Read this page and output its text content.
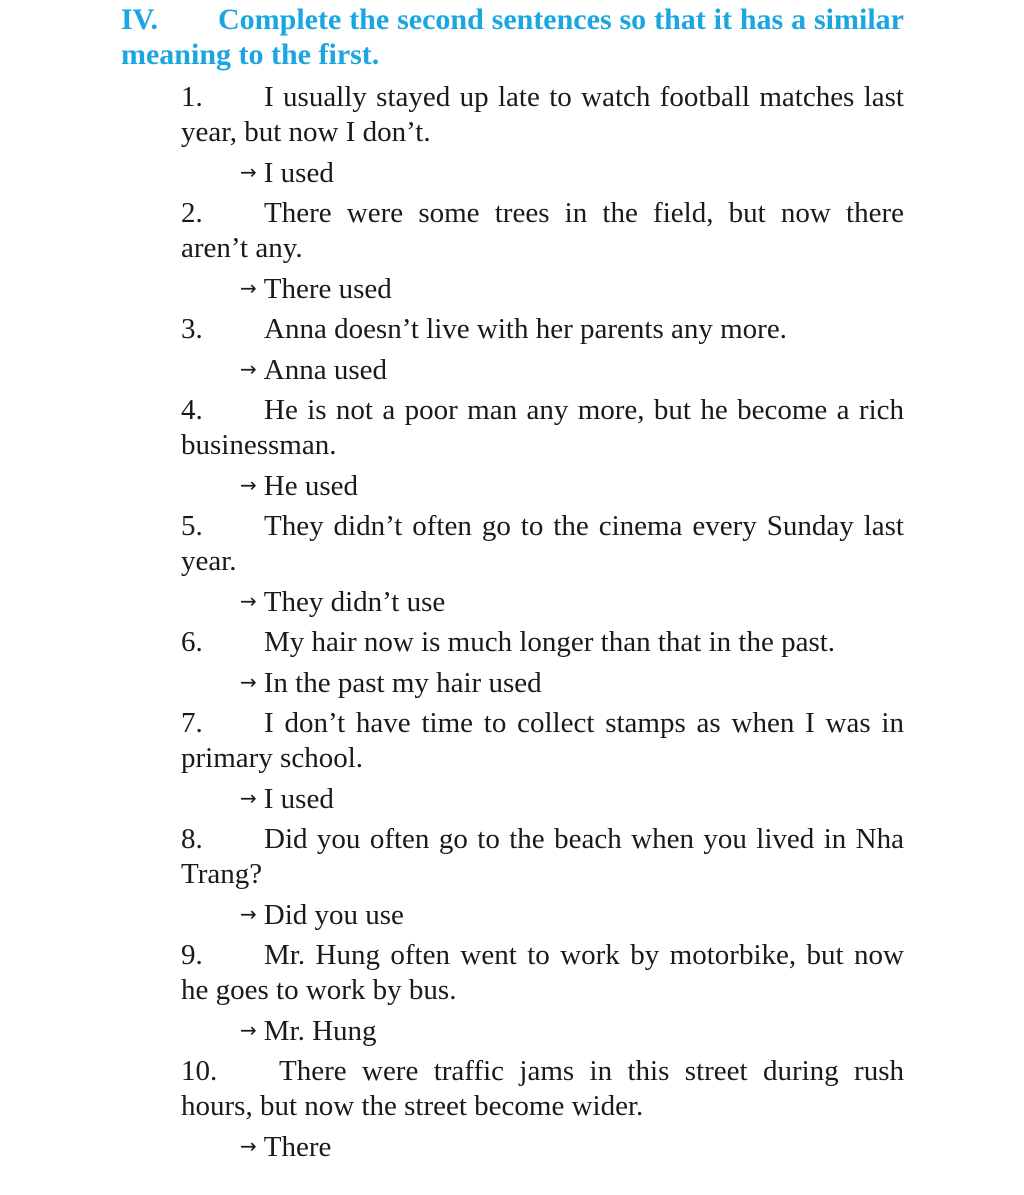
IV. Complete the second sentences so that it has a similar meaning to the first.
1. I usually stayed up late to watch football matches last year, but now I don’t.
→ I used
2. There were some trees in the field, but now there aren’t any.
→ There used
3. Anna doesn’t live with her parents any more.
→ Anna used
4. He is not a poor man any more, but he become a rich businessman.
→ He used
5. They didn’t often go to the cinema every Sunday last year.
→ They didn’t use
6. My hair now is much longer than that in the past.
→ In the past my hair used
7. I don’t have time to collect stamps as when I was in primary school.
→ I used
8. Did you often go to the beach when you lived in Nha Trang?
→ Did you use
9. Mr. Hung often went to work by motorbike, but now he goes to work by bus.
→ Mr. Hung
10. There were traffic jams in this street during rush hours, but now the street become wider.
→ There
